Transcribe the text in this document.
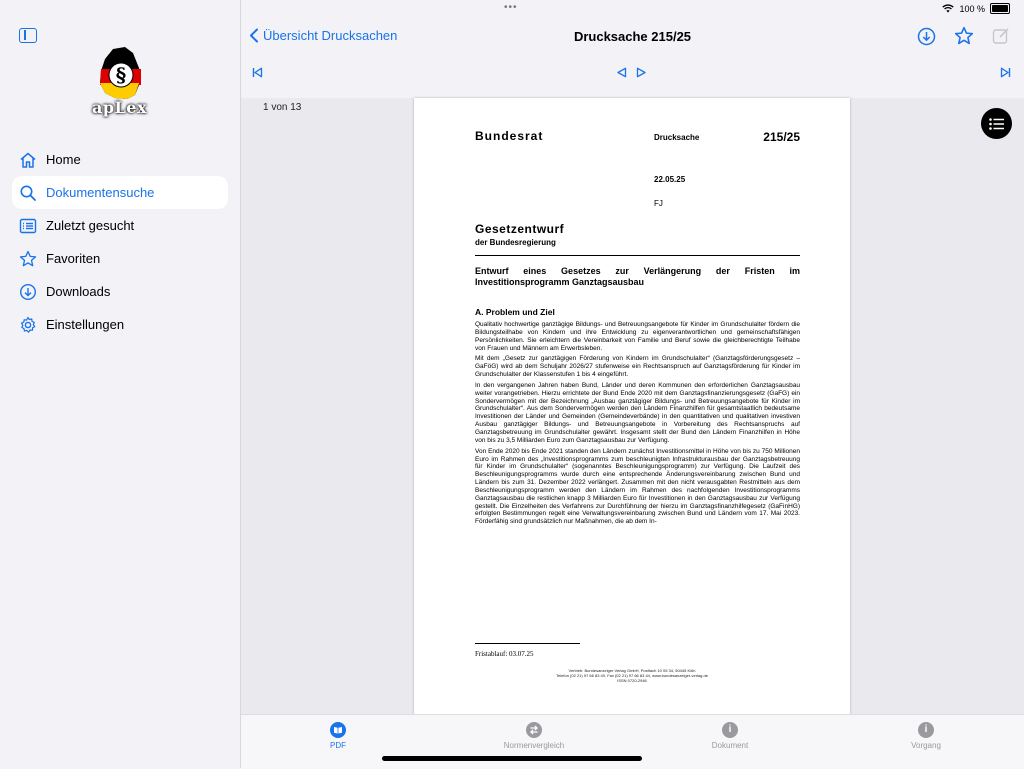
•••	100 %
§
apLex
Home
Dokumentensuche
Zuletzt gesucht
Favoriten
Downloads
Einstellungen
Übersicht Drucksachen	Drucksache 215/25
1 von 13
Bundesrat	Drucksache	215/25
22.05.25
FJ
Gesetzentwurf
der Bundesregierung
Entwurf eines Gesetzes zur Verlängerung der Fristen im Investitionsprogramm Ganztagsausbau
A. Problem und Ziel

Qualitativ hochwertige ganztägige Bildungs- und Betreuungsangebote für Kinder im Grundschulalter fördern die Bildungsteilhabe von Kindern und ihre Entwicklung zu eigenverantwortlichen und gemeinschaftsfähigen Persönlichkeiten. Sie erleichtern die Vereinbarkeit von Familie und Beruf sowie die gleichberechtigte Teilhabe von Frauen und Männern am Erwerbsleben.

Mit dem „Gesetz zur ganztägigen Förderung von Kindern im Grundschulalter“ (Ganztagsförderungsgesetz – GaFöG) wird ab dem Schuljahr 2026/27 stufenweise ein Rechtsanspruch auf Ganztagsförderung für Kinder im Grundschulalter der Klassenstufen 1 bis 4 eingeführt.

In den vergangenen Jahren haben Bund, Länder und deren Kommunen den erforderlichen Ganztagsausbau weiter vorangetrieben. Hierzu errichtete der Bund Ende 2020 mit dem Ganztagsfinanzierungsgesetz (GaFG) ein Sondervermögen mit der Bezeichnung „Ausbau ganztägiger Bildungs- und Betreuungsangebote für Kinder im Grundschulalter“. Aus dem Sondervermögen werden den Ländern Finanzhilfen für gesamtstaatlich bedeutsame Investitionen der Länder und Gemeinden (Gemeindeverbände) in den quantitativen und qualitativen investiven Ausbau ganztägiger Bildungs- und Betreuungsangebote in Vorbereitung des Rechtsanspruchs auf Ganztagsbetreuung im Grundschulalter gewährt. Insgesamt stellt der Bund den Ländern Finanzhilfen in Höhe von bis zu 3,5 Milliarden Euro zum Ganztagsausbau zur Verfügung.

Von Ende 2020 bis Ende 2021 standen den Ländern zunächst Investitionsmittel in Höhe von bis zu 750 Millionen Euro im Rahmen des „Investitionsprogramms zum beschleunigten Infrastrukturausbau der Ganztagsbetreuung für Kinder im Grundschulalter“ (sogenanntes Beschleunigungsprogramm) zur Verfügung. Die Laufzeit des Beschleunigungsprogramms wurde durch eine entsprechende Änderungsvereinbarung zwischen Bund und Ländern bis zum 31. Dezember 2022 verlängert. Zusammen mit den nicht verausgabten Restmitteln aus dem Beschleunigungsprogramm werden den Ländern im Rahmen des nachfolgenden Investitionsprogramms Ganztagsausbau die restlichen knapp 3 Milliarden Euro für Investitionen in den Ganztagsausbau zur Verfügung gestellt. Die Einzelheiten des Verfahrens zur Durchführung der hierzu im Ganztagsfinanzhilfegesetz (GaFinHG) erfolgten Bestimmungen regelt eine Verwaltungsvereinbarung zwischen Bund und Ländern vom 17. Mai 2023. Förderfähig sind grundsätzlich nur Maßnahmen, die ab dem In-

Fristablauf: 03.07.25
Vertrieb: Bundesanzeiger Verlag GmbH, Postfach 10 05 34, 50445 Köln
Telefon (02 21) 97 66 83 40, Fax (02 21) 97 66 83 44, www.bundesanzeiger-verlag.de
ISSN 0720-2946
PDF	Normenvergleich
i
Dokument
i
Vorgang
